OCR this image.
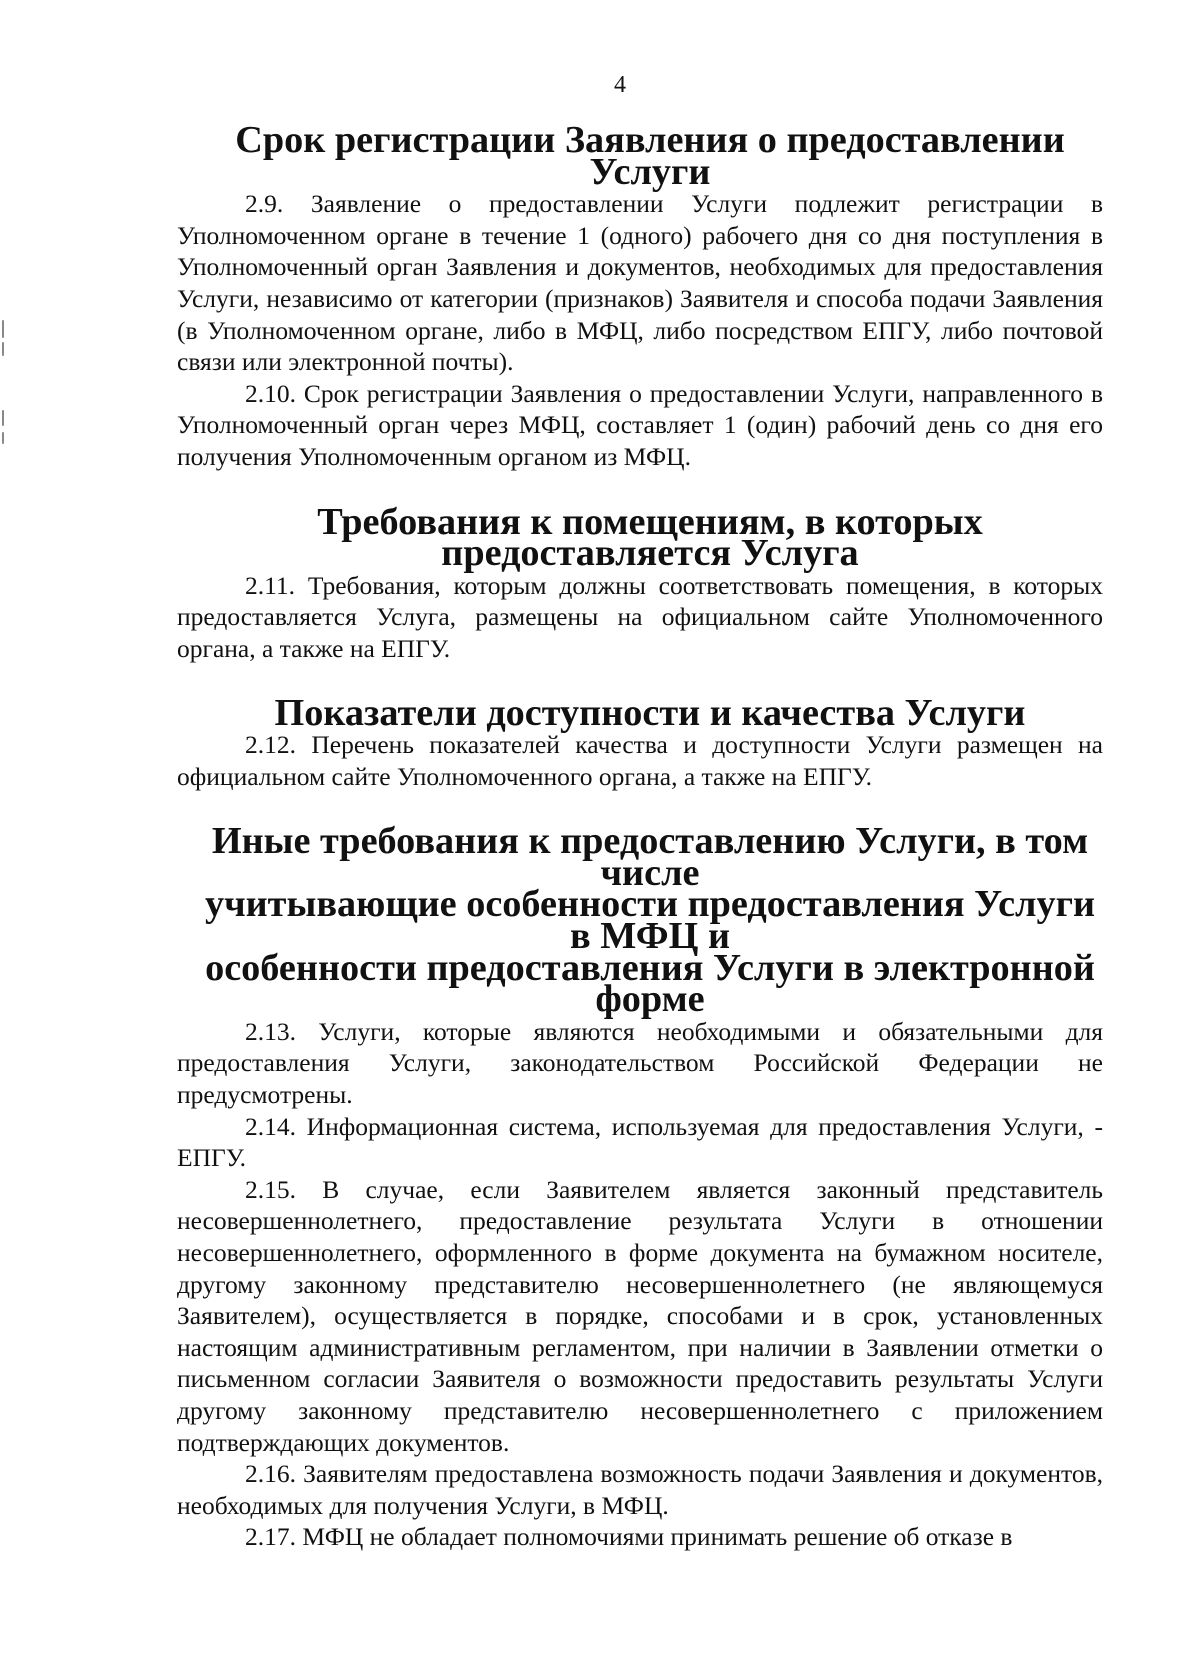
4
Срок регистрации Заявления о предоставлении Услуги

2.9. Заявление о предоставлении Услуги подлежит регистрации в Уполномоченном органе в течение 1 (одного) рабочего дня со дня поступления в Уполномоченный орган Заявления и документов, необходимых для предоставления Услуги, независимо от категории (признаков) Заявителя и способа подачи Заявления (в Уполномоченном органе, либо в МФЦ, либо посредством ЕПГУ, либо почтовой связи или электронной почты).

2.10. Срок регистрации Заявления о предоставлении Услуги, направленного в Уполномоченный орган через МФЦ, составляет 1 (один) рабочий день со дня его получения Уполномоченным органом из МФЦ.

Требования к помещениям, в которых предоставляется Услуга

2.11. Требования, которым должны соответствовать помещения, в которых предоставляется Услуга, размещены на официальном сайте Уполномоченного органа, а также на ЕПГУ.

Показатели доступности и качества Услуги

2.12. Перечень показателей качества и доступности Услуги размещен на официальном сайте Уполномоченного органа, а также на ЕПГУ.

Иные требования к предоставлению Услуги, в том числе
учитывающие особенности предоставления Услуги в МФЦ и
особенности предоставления Услуги в электронной форме

2.13. Услуги, которые являются необходимыми и обязательными для предоставления Услуги, законодательством Российской Федерации не предусмотрены.

2.14. Информационная система, используемая для предоставления Услуги, - ЕПГУ.

2.15. В случае, если Заявителем является законный представитель несовершеннолетнего, предоставление результата Услуги в отношении несовершеннолетнего, оформленного в форме документа на бумажном носителе, другому законному представителю несовершеннолетнего (не являющемуся Заявителем), осуществляется в порядке, способами и в срок, установленных настоящим административным регламентом, при наличии в Заявлении отметки о письменном согласии Заявителя о возможности предоставить результаты Услуги другому законному представителю несовершеннолетнего с приложением подтверждающих документов.

2.16. Заявителям предоставлена возможность подачи Заявления и документов, необходимых для получения Услуги, в МФЦ.

2.17. МФЦ не обладает полномочиями принимать решение об отказе в
